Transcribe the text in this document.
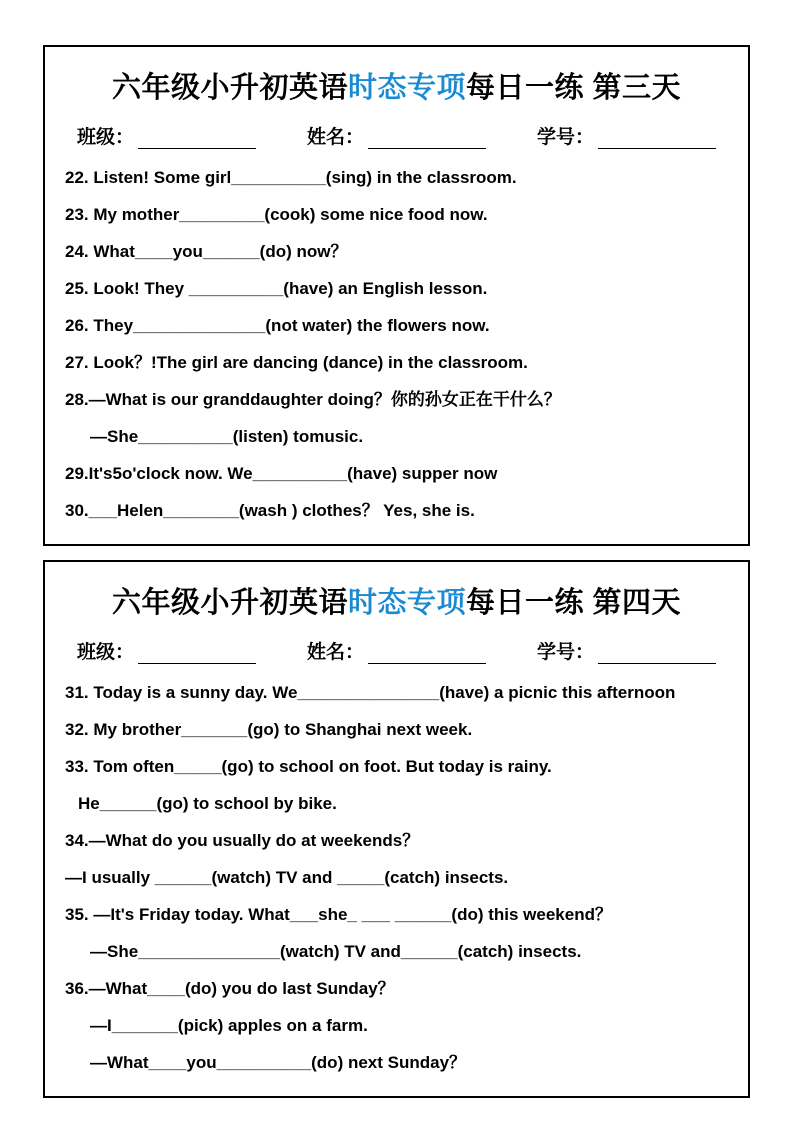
六年级小升初英语时态专项每日一练 第三天
班级：	姓名：	学号：
22. Listen! Some girl__________(sing) in the classroom.
23. My mother_________(cook) some nice food now.
24. What____you______(do) now？
25. Look! They __________(have) an English lesson.
26. They______________(not water) the flowers now.
27. Look？!The girl are dancing (dance) in the classroom.
28.—What is our granddaughter doing？你的孙女正在干什么？
—She__________(listen) tomusic.
29.It's5o'clock now. We__________(have) supper now
30.___Helen________(wash ) clothes？ Yes, she is.
六年级小升初英语时态专项每日一练 第四天
班级：	姓名：	学号：
31. Today is a sunny day. We_______________(have) a picnic this afternoon
32. My brother_______(go) to Shanghai next week.
33. Tom often_____(go) to school on foot. But today is rainy.
He______(go) to school by bike.
34.—What do you usually do at weekends？
—I usually ______(watch) TV and _____(catch) insects.
35. —It's Friday today. What___she_ ___ ______(do) this weekend？
—She_______________(watch) TV and______(catch) insects.
36.—What____(do) you do last Sunday？
—I_______(pick) apples on a farm.
—What____you__________(do) next Sunday？
